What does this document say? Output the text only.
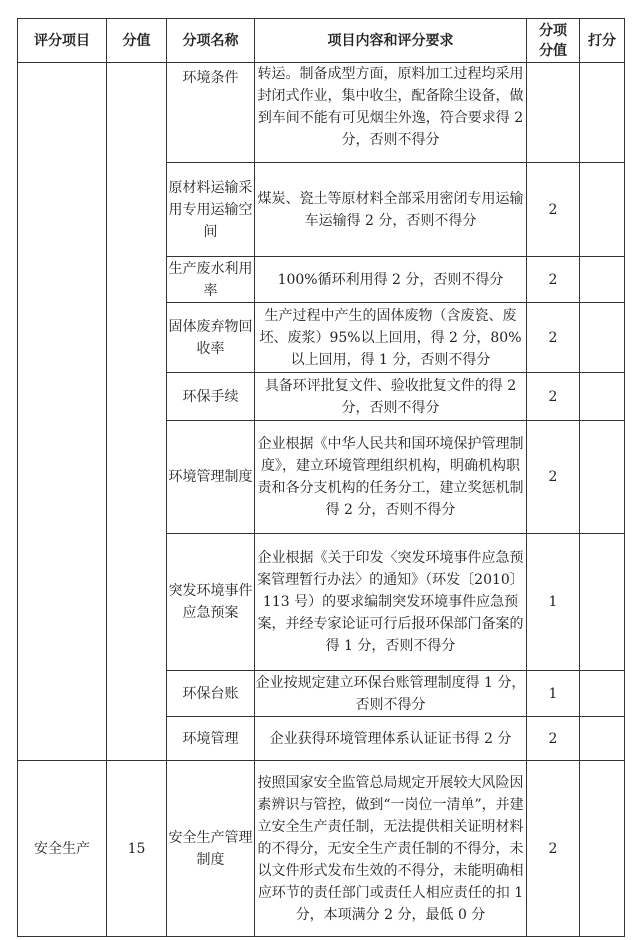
评分项目	分值	分项名称	项目内容和评分要求	分项分值	打分
		环境条件	转运。制备成型方面，原料加工过程均采用封闭式作业，集中收尘，配备除尘设备，做到车间不能有可见烟尘外逸，符合要求得 2 分，否则不得分		
		原材料运输采用专用运输空间	煤炭、瓷土等原材料全部采用密闭专用运输车运输得 2 分，否则不得分	2	
		生产废水利用率	100%循环利用得 2 分，否则不得分	2	
		固体废弃物回收率	生产过程中产生的固体废物（含废瓷、废坯、废浆）95%以上回用，得 2 分，80%以上回用，得 1 分，否则不得分	2	
		环保手续	具备环评批复文件、验收批复文件的得 2 分，否则不得分	2	
		环境管理制度	企业根据《中华人民共和国环境保护管理制度》，建立环境管理组织机构，明确机构职责和各分支机构的任务分工，建立奖惩机制得 2 分，否则不得分	2	
		突发环境事件应急预案	企业根据《关于印发〈突发环境事件应急预案管理暂行办法〉的通知》（环发〔2010〕113 号）的要求编制突发环境事件应急预案，并经专家论证可行后报环保部门备案的得 1 分，否则不得分	1	
		环保台账	企业按规定建立环保台账管理制度得 1 分，否则不得分	1	
		环境管理	企业获得环境管理体系认证证书得 2 分	2	
安全生产	15	安全生产管理制度	按照国家安全监管总局规定开展较大风险因素辨识与管控，做到“一岗位一清单”，并建立安全生产责任制，无法提供相关证明材料的不得分，无安全生产责任制的不得分，未以文件形式发布生效的不得分，未能明确相应环节的责任部门或责任人相应责任的扣 1 分，本项满分 2 分，最低 0 分	2	
